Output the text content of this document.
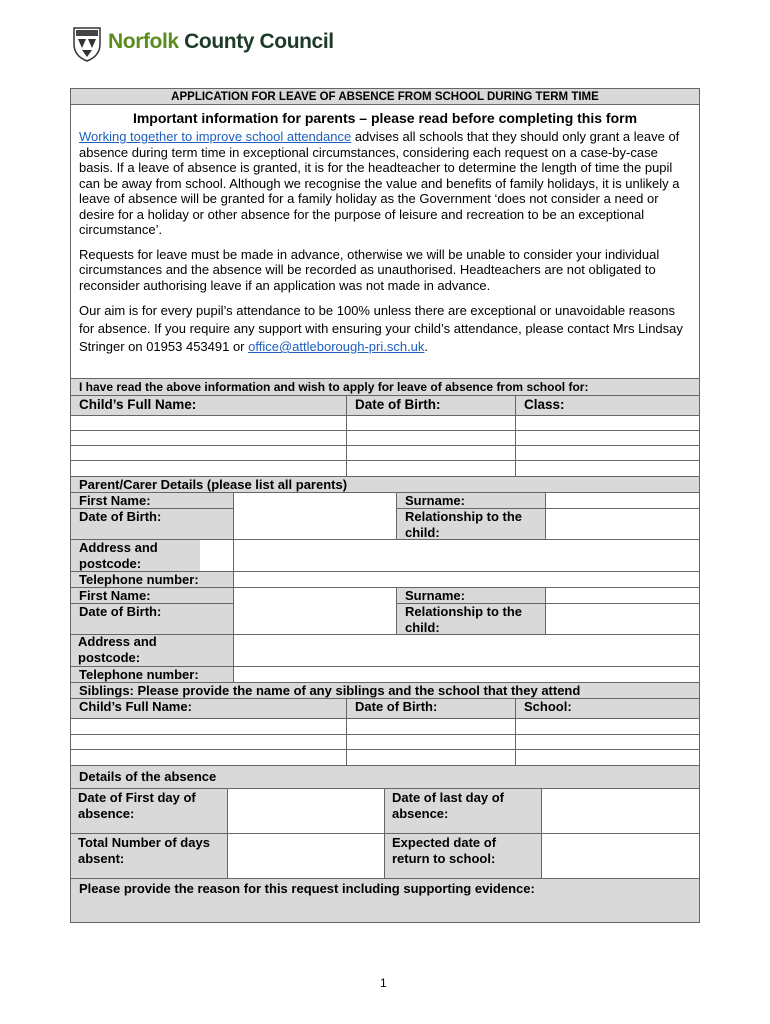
Norfolk County Council
APPLICATION FOR LEAVE OF ABSENCE FROM SCHOOL DURING TERM TIME
Important information for parents – please read before completing this form

Working together to improve school attendance advises all schools that they should only grant a leave of absence during term time in exceptional circumstances, considering each request on a case-by-case basis. If a leave of absence is granted, it is for the headteacher to determine the length of time the pupil can be away from school. Although we recognise the value and benefits of family holidays, it is unlikely a leave of absence will be granted for a family holiday as the Government ‘does not consider a need or desire for a holiday or other absence for the purpose of leisure and recreation to be an exceptional circumstance’.

Requests for leave must be made in advance, otherwise we will be unable to consider your individual circumstances and the absence will be recorded as unauthorised. Headteachers are not obligated to reconsider authorising leave if an application was not made in advance.

Our aim is for every pupil’s attendance to be 100% unless there are exceptional or unavoidable reasons for absence. If you require any support with ensuring your child’s attendance, please contact Mrs Lindsay Stringer on 01953 453491 or office@attleborough-pri.sch.uk.

I have read the above information and wish to apply for leave of absence from school for:
Child’s Full Name:	Date of Birth:	Class:
Parent/Carer Details (please list all parents)
First Name:	Surname:
Date of Birth:	Relationship to the child:
Address and postcode:
Telephone number:
First Name:	Surname:
Date of Birth:	Relationship to the child:
Address and postcode:
Telephone number:
Siblings: Please provide the name of any siblings and the school that they attend
Child’s Full Name:	Date of Birth:	School:
Details of the absence
Date of First day of absence:
Date of last day of absence:
Total Number of days absent:
Expected date of return to school:
Please provide the reason for this request including supporting evidence:
1
